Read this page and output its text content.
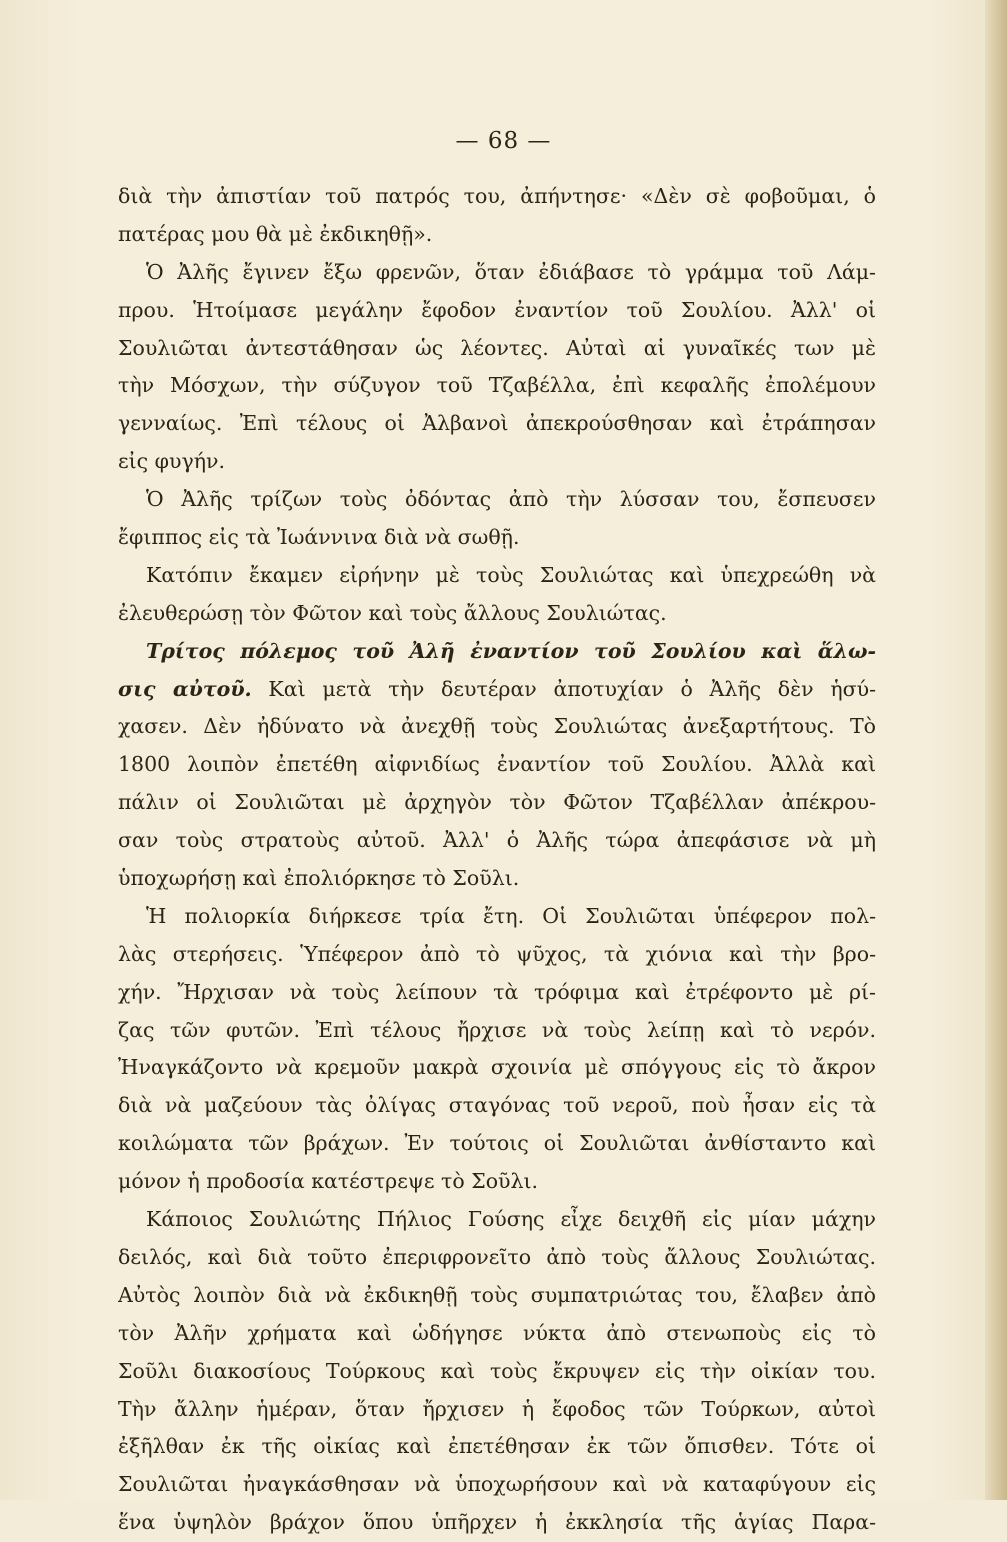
— 68 —
διὰ τὴν ἀπιστίαν τοῦ πατρός του, ἀπήντησε· «Δὲν σὲ φοβοῦμαι, ὁ
πατέρας μου θὰ μὲ ἐκδικηθῇ».
Ὁ Ἀλῆς ἔγινεν ἔξω φρενῶν, ὅταν ἐδιάβασε τὸ γράμμα τοῦ Λάμ-
πρου. Ἡτοίμασε μεγάλην ἔφοδον ἐναντίον τοῦ Σουλίου. Ἀλλ' οἱ
Σουλιῶται ἀντεστάθησαν ὡς λέοντες. Αὐταὶ αἱ γυναῖκές των μὲ
τὴν Μόσχων, τὴν σύζυγον τοῦ Τζαβέλλα, ἐπὶ κεφαλῆς ἐπολέμουν
γενναίως. Ἐπὶ τέλους οἱ Ἀλβανοὶ ἀπεκρούσθησαν καὶ ἐτράπησαν
εἰς φυγήν.
Ὁ Ἀλῆς τρίζων τοὺς ὀδόντας ἀπὸ τὴν λύσσαν του, ἔσπευσεν
ἔφιππος εἰς τὰ Ἰωάννινα διὰ νὰ σωθῇ.
Κατόπιν ἔκαμεν εἰρήνην μὲ τοὺς Σουλιώτας καὶ ὑπεχρεώθη νὰ
ἐλευθερώσῃ τὸν Φῶτον καὶ τοὺς ἄλλους Σουλιώτας.
Τρίτος πόλεμος τοῦ Ἀλῆ ἐναντίον τοῦ Σουλίου καὶ ἅλω-
σις αὐτοῦ. Καὶ μετὰ τὴν δευτέραν ἀποτυχίαν ὁ Ἀλῆς δὲν ἡσύ-
χασεν. Δὲν ἠδύνατο νὰ ἀνεχθῇ τοὺς Σουλιώτας ἀνεξαρτήτους. Τὸ
1800 λοιπὸν ἐπετέθη αἰφνιδίως ἐναντίον τοῦ Σουλίου. Ἀλλὰ καὶ
πάλιν οἱ Σουλιῶται μὲ ἀρχηγὸν τὸν Φῶτον Τζαβέλλαν ἀπέκρου-
σαν τοὺς στρατοὺς αὐτοῦ. Ἀλλ' ὁ Ἀλῆς τώρα ἀπεφάσισε νὰ μὴ
ὑποχωρήσῃ καὶ ἐπολιόρκησε τὸ Σοῦλι.
Ἡ πολιορκία διήρκεσε τρία ἔτη. Οἱ Σουλιῶται ὑπέφερον πολ-
λὰς στερήσεις. Ὑπέφερον ἀπὸ τὸ ψῦχος, τὰ χιόνια καὶ τὴν βρο-
χήν. Ἤρχισαν νὰ τοὺς λείπουν τὰ τρόφιμα καὶ ἐτρέφοντο μὲ ρί-
ζας τῶν φυτῶν. Ἐπὶ τέλους ἤρχισε νὰ τοὺς λείπῃ καὶ τὸ νερόν.
Ἠναγκάζοντο νὰ κρεμοῦν μακρὰ σχοινία μὲ σπόγγους εἰς τὸ ἄκρον
διὰ νὰ μαζεύουν τὰς ὀλίγας σταγόνας τοῦ νεροῦ, ποὺ ἦσαν εἰς τὰ
κοιλώματα τῶν βράχων. Ἐν τούτοις οἱ Σουλιῶται ἀνθίσταντο καὶ
μόνον ἡ προδοσία κατέστρεψε τὸ Σοῦλι.
Κάποιος Σουλιώτης Πήλιος Γούσης εἶχε δειχθῆ εἰς μίαν μάχην
δειλός, καὶ διὰ τοῦτο ἐπεριφρονεῖτο ἀπὸ τοὺς ἄλλους Σουλιώτας.
Αὐτὸς λοιπὸν διὰ νὰ ἐκδικηθῇ τοὺς συμπατριώτας του, ἔλαβεν ἀπὸ
τὸν Ἀλῆν χρήματα καὶ ὡδήγησε νύκτα ἀπὸ στενωποὺς εἰς τὸ
Σοῦλι διακοσίους Τούρκους καὶ τοὺς ἔκρυψεν εἰς τὴν οἰκίαν του.
Τὴν ἄλλην ἡμέραν, ὅταν ἤρχισεν ἡ ἔφοδος τῶν Τούρκων, αὐτοὶ
ἐξῆλθαν ἐκ τῆς οἰκίας καὶ ἐπετέθησαν ἐκ τῶν ὄπισθεν. Τότε οἱ
Σουλιῶται ἠναγκάσθησαν νὰ ὑποχωρήσουν καὶ νὰ καταφύγουν εἰς
ἕνα ὑψηλὸν βράχον ὅπου ὑπῆρχεν ἡ ἐκκλησία τῆς ἁγίας Παρα-
